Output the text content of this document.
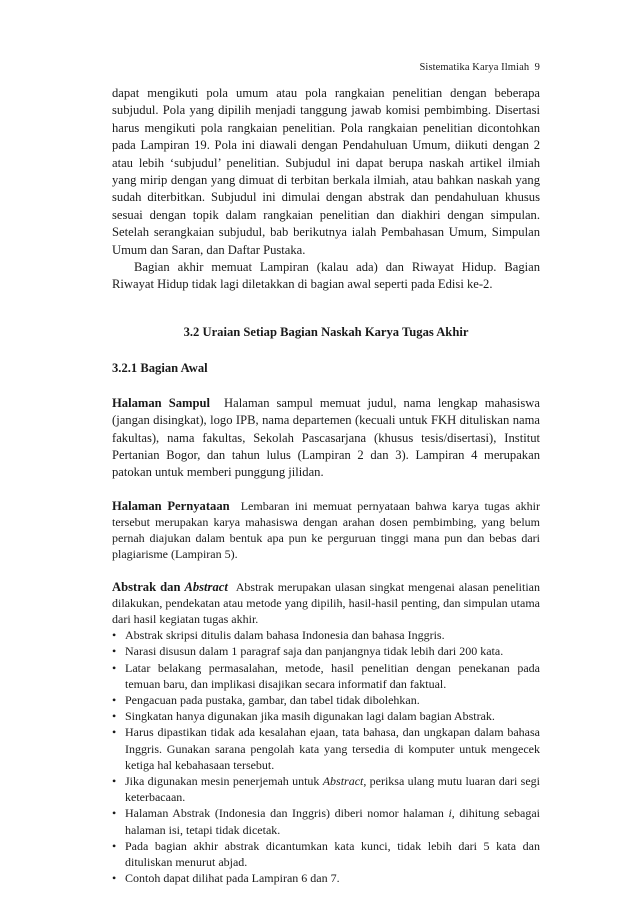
Sistematika Karya Ilmiah 9

dapat mengikuti pola umum atau pola rangkaian penelitian dengan beberapa subjudul. Pola yang dipilih menjadi tanggung jawab komisi pembimbing. Disertasi harus mengikuti pola rangkaian penelitian. Pola rangkaian penelitian dicontohkan pada Lampiran 19. Pola ini diawali dengan Pendahuluan Umum, diikuti dengan 2 atau lebih ‘subjudul’ penelitian. Subjudul ini dapat berupa naskah artikel ilmiah yang mirip dengan yang dimuat di terbitan berkala ilmiah, atau bahkan naskah yang sudah diterbitkan. Subjudul ini dimulai dengan abstrak dan pendahuluan khusus sesuai dengan topik dalam rangkaian penelitian dan diakhiri dengan simpulan. Setelah serangkaian subjudul, bab berikutnya ialah Pembahasan Umum, Simpulan Umum dan Saran, dan Daftar Pustaka.

Bagian akhir memuat Lampiran (kalau ada) dan Riwayat Hidup. Bagian Riwayat Hidup tidak lagi diletakkan di bagian awal seperti pada Edisi ke-2.

3.2 Uraian Setiap Bagian Naskah Karya Tugas Akhir
3.2.1 Bagian Awal

Halaman Sampul Halaman sampul memuat judul, nama lengkap mahasiswa (jangan disingkat), logo IPB, nama departemen (kecuali untuk FKH dituliskan nama fakultas), nama fakultas, Sekolah Pascasarjana (khusus tesis/disertasi), Institut Pertanian Bogor, dan tahun lulus (Lampiran 2 dan 3). Lampiran 4 merupakan patokan untuk memberi punggung jilidan.

Halaman Pernyataan Lembaran ini memuat pernyataan bahwa karya tugas akhir tersebut merupakan karya mahasiswa dengan arahan dosen pembimbing, yang belum pernah diajukan dalam bentuk apa pun ke perguruan tinggi mana pun dan bebas dari plagiarisme (Lampiran 5).

Abstrak dan Abstract Abstrak merupakan ulasan singkat mengenai alasan penelitian dilakukan, pendekatan atau metode yang dipilih, hasil-hasil penting, dan simpulan utama dari hasil kegiatan tugas akhir.

• Abstrak skripsi ditulis dalam bahasa Indonesia dan bahasa Inggris.
• Narasi disusun dalam 1 paragraf saja dan panjangnya tidak lebih dari 200 kata.
• Latar belakang permasalahan, metode, hasil penelitian dengan penekanan pada temuan baru, dan implikasi disajikan secara informatif dan faktual.
• Pengacuan pada pustaka, gambar, dan tabel tidak dibolehkan.
• Singkatan hanya digunakan jika masih digunakan lagi dalam bagian Abstrak.
• Harus dipastikan tidak ada kesalahan ejaan, tata bahasa, dan ungkapan dalam bahasa Inggris. Gunakan sarana pengolah kata yang tersedia di komputer untuk mengecek ketiga hal kebahasaan tersebut.
• Jika digunakan mesin penerjemah untuk Abstract, periksa ulang mutu luaran dari segi keterbacaan.
• Halaman Abstrak (Indonesia dan Inggris) diberi nomor halaman i, dihitung sebagai halaman isi, tetapi tidak dicetak.
• Pada bagian akhir abstrak dicantumkan kata kunci, tidak lebih dari 5 kata dan dituliskan menurut abjad.
• Contoh dapat dilihat pada Lampiran 6 dan 7.
